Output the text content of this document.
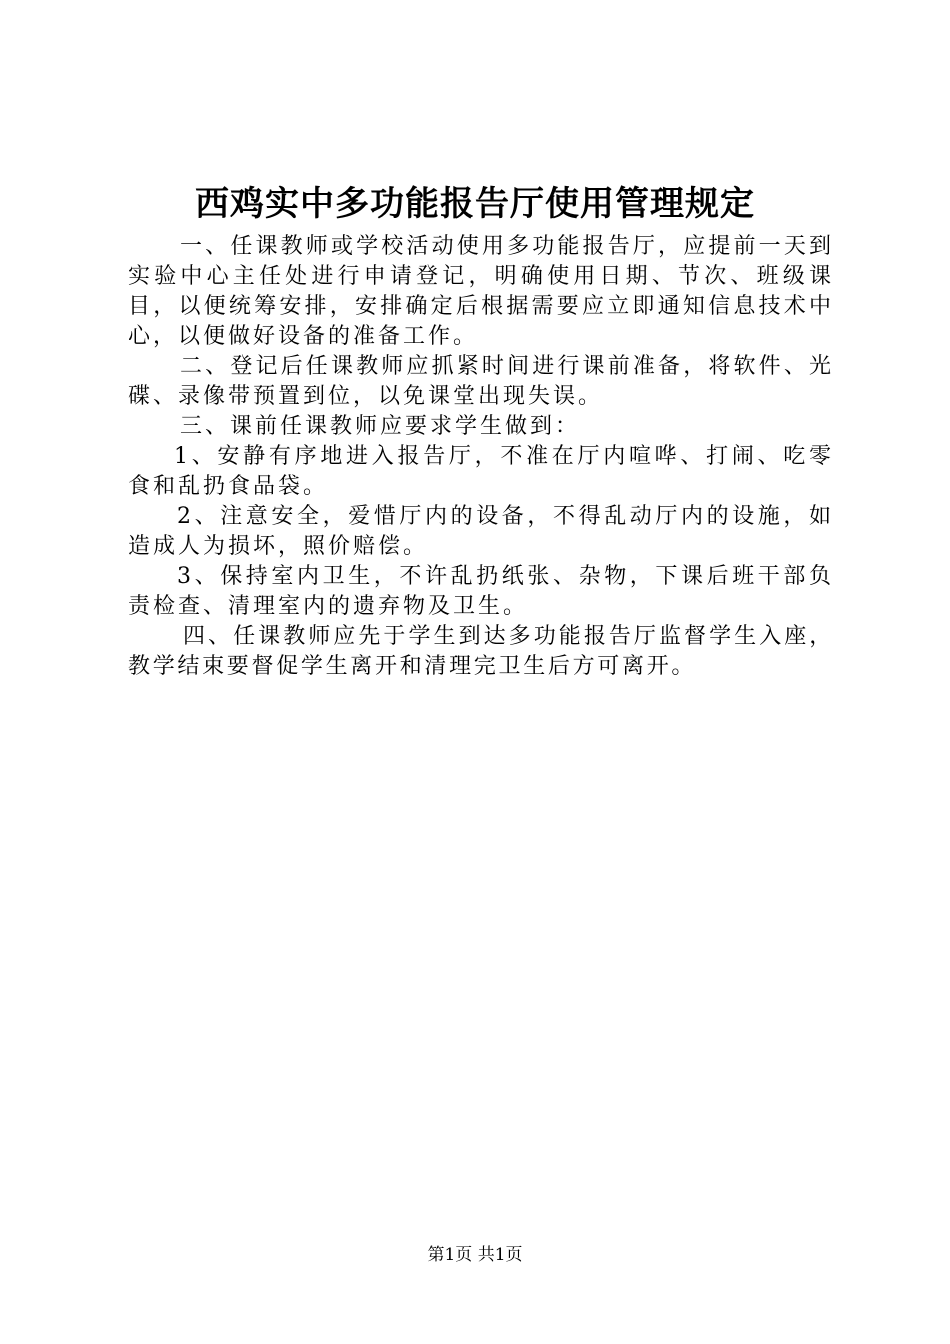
西鸡实中多功能报告厅使用管理规定

一、任课教师或学校活动使用多功能报告厅，应提前一天到实验中心主任处进行申请登记，明确使用日期、节次、班级课目，以便统筹安排，安排确定后根据需要应立即通知信息技术中心，以便做好设备的准备工作。

二、登记后任课教师应抓紧时间进行课前准备，将软件、光碟、录像带预置到位，以免课堂出现失误。

三、课前任课教师应要求学生做到：

1、安静有序地进入报告厅，不准在厅内喧哗、打闹、吃零食和乱扔食品袋。

2、注意安全，爱惜厅内的设备，不得乱动厅内的设施，如造成人为损坏，照价赔偿。

3、保持室内卫生，不许乱扔纸张、杂物，下课后班干部负责检查、清理室内的遗弃物及卫生。

四、任课教师应先于学生到达多功能报告厅监督学生入座，教学结束要督促学生离开和清理完卫生后方可离开。

第1页 共1页
